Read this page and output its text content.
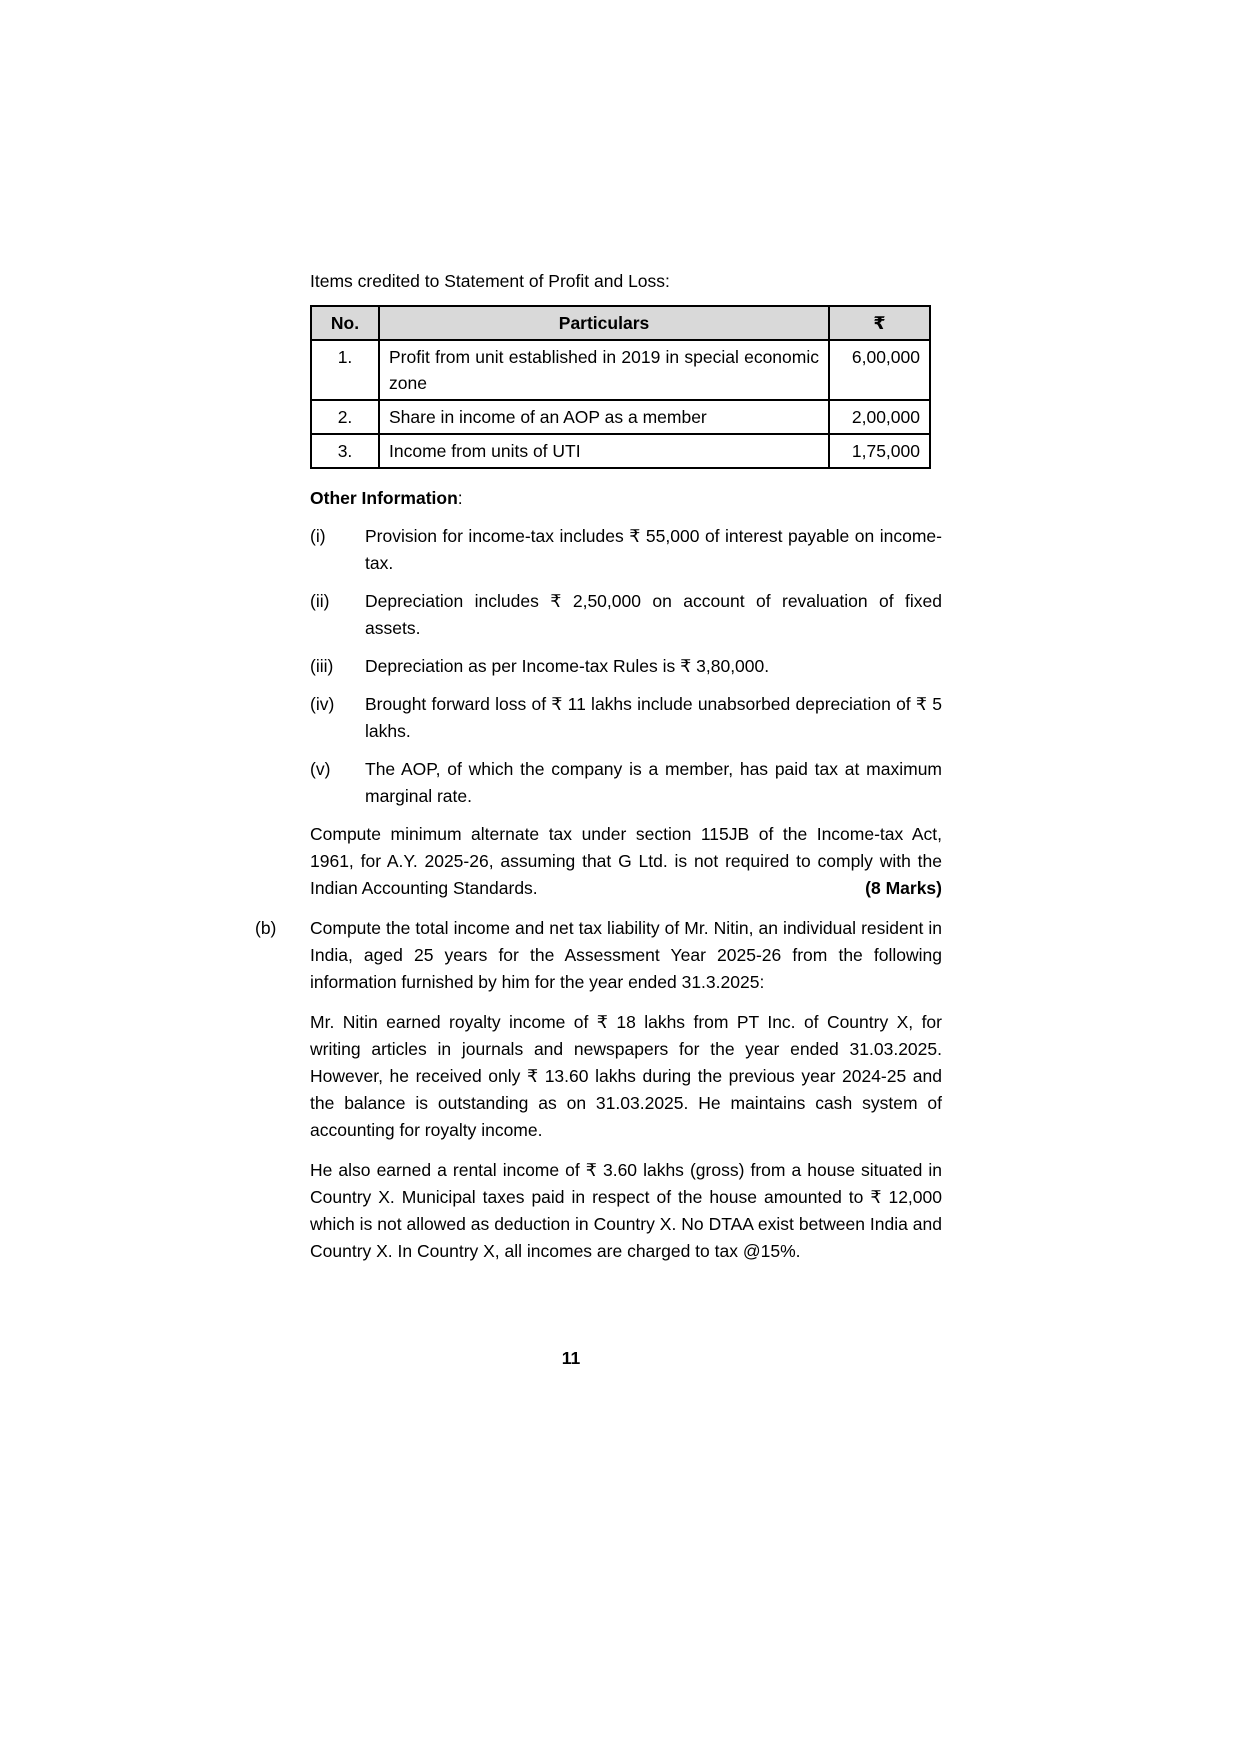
Items credited to Statement of Profit and Loss:

No.	Particulars	₹
1.	Profit from unit established in 2019 in special economic zone	6,00,000
2.	Share in income of an AOP as a member	2,00,000
3.	Income from units of UTI	1,75,000

Other Information:

(i)	Provision for income-tax includes ₹ 55,000 of interest payable on income-tax.
(ii)	Depreciation includes ₹ 2,50,000 on account of revaluation of fixed assets.
(iii)	Depreciation as per Income-tax Rules is ₹ 3,80,000.
(iv)	Brought forward loss of ₹ 11 lakhs include unabsorbed depreciation of ₹ 5 lakhs.
(v)	The AOP, of which the company is a member, has paid tax at maximum marginal rate.

Compute minimum alternate tax under section 115JB of the Income-tax Act, 1961, for A.Y. 2025-26, assuming that G Ltd. is not required to comply with the Indian Accounting Standards.	(8 Marks)

(b)	Compute the total income and net tax liability of Mr. Nitin, an individual resident in India, aged 25 years for the Assessment Year 2025-26 from the following information furnished by him for the year ended 31.3.2025:

Mr. Nitin earned royalty income of ₹ 18 lakhs from PT Inc. of Country X, for writing articles in journals and newspapers for the year ended 31.03.2025. However, he received only ₹ 13.60 lakhs during the previous year 2024-25 and the balance is outstanding as on 31.03.2025. He maintains cash system of accounting for royalty income.

He also earned a rental income of ₹ 3.60 lakhs (gross) from a house situated in Country X. Municipal taxes paid in respect of the house amounted to ₹ 12,000 which is not allowed as deduction in Country X. No DTAA exist between India and Country X. In Country X, all incomes are charged to tax @15%.

11
